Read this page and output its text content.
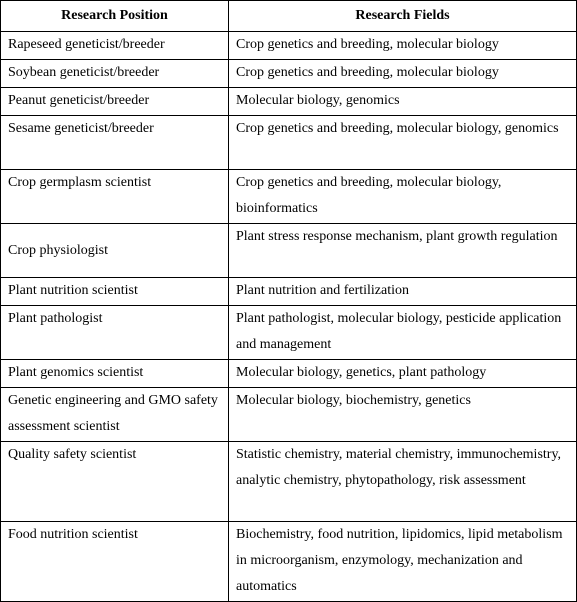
Research Position	Research Fields
Rapeseed geneticist/breeder	Crop genetics and breeding, molecular biology
Soybean geneticist/breeder	Crop genetics and breeding, molecular biology
Peanut geneticist/breeder	Molecular biology, genomics
Sesame geneticist/breeder	Crop genetics and breeding, molecular biology, genomics
Crop germplasm scientist	Crop genetics and breeding, molecular biology, bioinformatics
Crop physiologist	Plant stress response mechanism, plant growth regulation
Plant nutrition scientist	Plant nutrition and fertilization
Plant pathologist	Plant pathologist, molecular biology, pesticide application and management
Plant genomics scientist	Molecular biology, genetics, plant pathology
Genetic engineering and GMO safety assessment scientist	Molecular biology, biochemistry, genetics
Quality safety scientist	Statistic chemistry, material chemistry, immunochemistry, analytic chemistry, phytopathology, risk assessment
Food nutrition scientist	Biochemistry, food nutrition, lipidomics, lipid metabolism in microorganism, enzymology, mechanization and automatics
